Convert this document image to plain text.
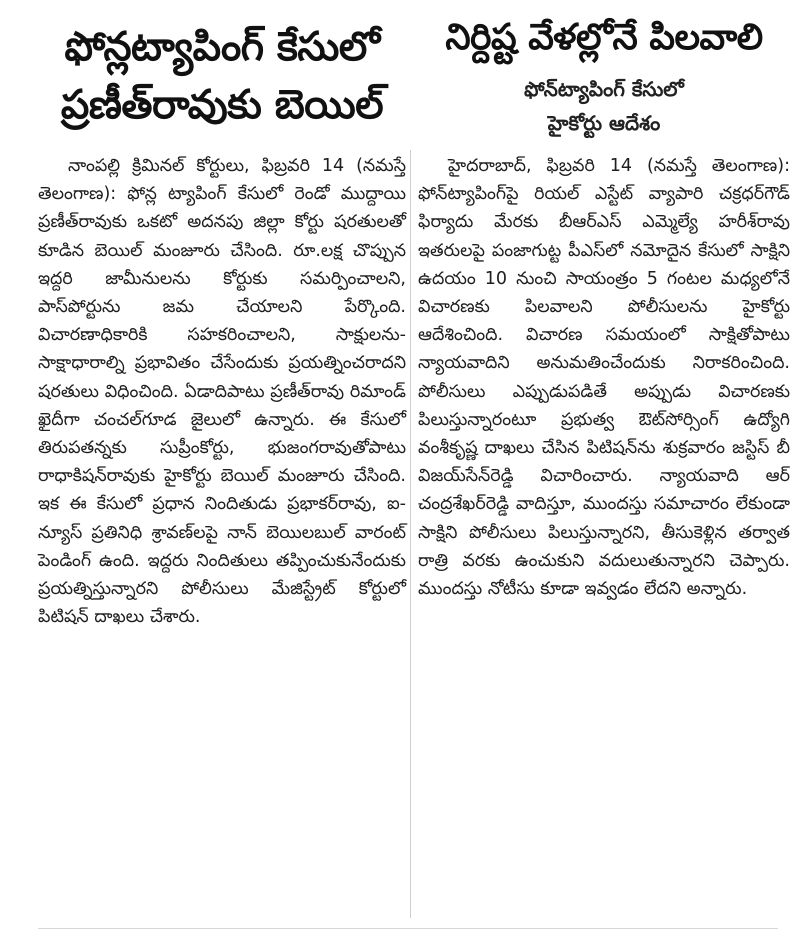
ఫోన్లట్యాపింగ్ కేసులో
ప్రణీత్‌రావుకు బెయిల్
నాంపల్లి క్రిమినల్ కోర్టులు, ఫిబ్రవరి 14 (నమస్తే తెలంగాణ): ఫోన్ల ట్యాపింగ్ కేసులో రెండో ముద్దాయి ప్రణీత్‌రావుకు ఒకటో అదనపు జిల్లా కోర్టు షరతులతో కూడిన బెయిల్ మంజూరు చేసింది. రూ.లక్ష చొప్పున ఇద్దరి జామీనులను కోర్టుకు సమర్పించాలని, పాస్‌పోర్టును జమ చేయాలని పేర్కొంది. విచారణాధికారికి సహకరించాలని, సాక్షులను-సాక్షాధారాల్ని ప్రభావితం చేసేందుకు ప్రయత్నించరాదని షరతులు విధించింది. ఏడాదిపాటు ప్రణీత్‌రావు రిమాండ్ ఖైదీగా చంచల్‌గూడ జైలులో ఉన్నారు. ఈ కేసులో తిరుపతన్నకు సుప్రీంకోర్టు, భుజంగరావుతోపాటు రాధాకిషన్‌రావుకు హైకోర్టు బెయిల్ మంజూరు చేసింది. ఇక ఈ కేసులో ప్రధాన నిందితుడు ప్రభాకర్‌రావు, ఐ-న్యూస్ ప్రతినిధి శ్రావణ్‌లపై నాన్ బెయిలబుల్ వారంట్ పెండింగ్ ఉంది. ఇద్దరు నిందితులు తప్పించుకునేందుకు ప్రయత్నిస్తున్నారని పోలీసులు మేజిస్ట్రేట్ కోర్టులో పిటిషన్ దాఖలు చేశారు.
నిర్దిష్ట వేళల్లోనే పిలవాలి
ఫోన్‌ట్యాపింగ్ కేసులో
హైకోర్టు ఆదేశం
హైదరాబాద్, ఫిబ్రవరి 14 (నమస్తే తెలంగాణ): ఫోన్‌ట్యాపింగ్‌పై రియల్ ఎస్టేట్ వ్యాపారి చక్రధర్‌గౌడ్ ఫిర్యాదు మేరకు బీఆర్‌ఎస్ ఎమ్మెల్యే హరీశ్‌రావు ఇతరులపై పంజాగుట్ట పీఎస్‌లో నమోదైన కేసులో సాక్షిని ఉదయం 10 నుంచి సాయంత్రం 5 గంటల మధ్యలోనే విచారణకు పిలవాలని పోలీసులను హైకోర్టు ఆదేశించింది. విచారణ సమయంలో సాక్షితోపాటు న్యాయవాదిని అనుమతించేందుకు నిరాకరించింది. పోలీసులు ఎప్పుడుపడితే అప్పుడు విచారణకు పిలుస్తున్నారంటూ ప్రభుత్వ ఔట్‌సోర్సింగ్ ఉద్యోగి వంశీకృష్ణ దాఖలు చేసిన పిటిషన్‌ను శుక్రవారం జస్టిస్ బీ విజయ్‌సేన్‌రెడ్డి విచారించారు. న్యాయవాది ఆర్ చంద్రశేఖర్‌రెడ్డి వాదిస్తూ, ముందస్తు సమాచారం లేకుండా సాక్షిని పోలీసులు పిలుస్తున్నారని, తీసుకెళ్లిన తర్వాత రాత్రి వరకు ఉంచుకుని వదులుతున్నారని చెప్పారు. ముందస్తు నోటీసు కూడా ఇవ్వడం లేదని అన్నారు.
